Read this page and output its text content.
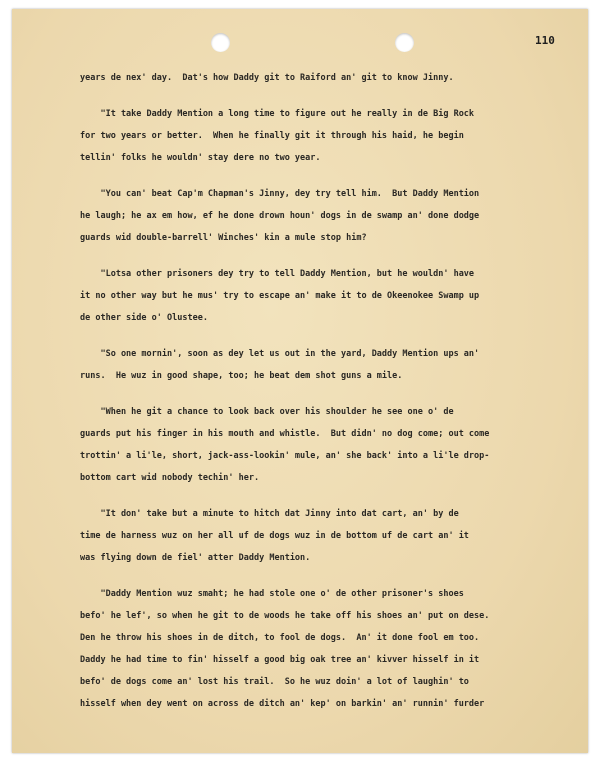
110
years de nex' day.  Dat's how Daddy git to Raiford an' git to know Jinny.
"It take Daddy Mention a long time to figure out he really in de Big Rock
for two years or better.  When he finally git it through his haid, he begin
tellin' folks he wouldn' stay dere no two year.
"You can' beat Cap'm Chapman's Jinny, dey try tell him.  But Daddy Mention
he laugh; he ax em how, ef he done drown houn' dogs in de swamp an' done dodge
guards wid double-barrell' Winches' kin a mule stop him?
"Lotsa other prisoners dey try to tell Daddy Mention, but he wouldn' have
it no other way but he mus' try to escape an' make it to de Okeenokee Swamp up
de other side o' Olustee.
"So one mornin', soon as dey let us out in the yard, Daddy Mention ups an'
runs.  He wuz in good shape, too; he beat dem shot guns a mile.
"When he git a chance to look back over his shoulder he see one o' de
guards put his finger in his mouth and whistle.  But didn' no dog come; out come
trottin' a li'le, short, jack-ass-lookin' mule, an' she back' into a li'le drop-
bottom cart wid nobody techin' her.
"It don' take but a minute to hitch dat Jinny into dat cart, an' by de
time de harness wuz on her all uf de dogs wuz in de bottom uf de cart an' it
was flying down de fiel' atter Daddy Mention.
"Daddy Mention wuz smaht; he had stole one o' de other prisoner's shoes
befo' he lef', so when he git to de woods he take off his shoes an' put on dese.
Den he throw his shoes in de ditch, to fool de dogs.  An' it done fool em too.
Daddy he had time to fin' hisself a good big oak tree an' kivver hisself in it
befo' de dogs come an' lost his trail.  So he wuz doin' a lot of laughin' to
hisself when dey went on across de ditch an' kep' on barkin' an' runnin' furder
